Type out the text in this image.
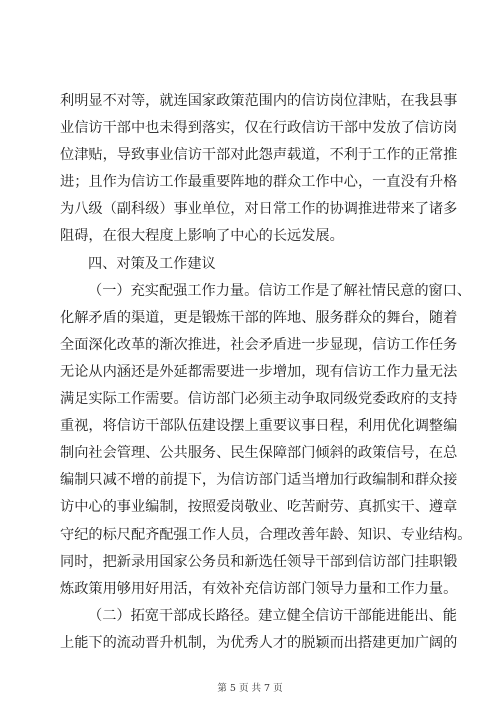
利明显不对等，就连国家政策范围内的信访岗位津贴，在我县事
业信访干部中也未得到落实，仅在行政信访干部中发放了信访岗
位津贴，导致事业信访干部对此怨声载道，不利于工作的正常推
进；且作为信访工作最重要阵地的群众工作中心，一直没有升格
为八级（副科级）事业单位，对日常工作的协调推进带来了诸多
阻碍，在很大程度上影响了中心的长远发展。
四、对策及工作建议
（一）充实配强工作力量。信访工作是了解社情民意的窗口、
化解矛盾的渠道，更是锻炼干部的阵地、服务群众的舞台，随着
全面深化改革的渐次推进，社会矛盾进一步显现，信访工作任务
无论从内涵还是外延都需要进一步增加，现有信访工作力量无法
满足实际工作需要。信访部门必须主动争取同级党委政府的支持
重视，将信访干部队伍建设摆上重要议事日程，利用优化调整编
制向社会管理、公共服务、民生保障部门倾斜的政策信号，在总
编制只减不增的前提下，为信访部门适当增加行政编制和群众接
访中心的事业编制，按照爱岗敬业、吃苦耐劳、真抓实干、遵章
守纪的标尺配齐配强工作人员，合理改善年龄、知识、专业结构。
同时，把新录用国家公务员和新选任领导干部到信访部门挂职锻
炼政策用够用好用活，有效补充信访部门领导力量和工作力量。
（二）拓宽干部成长路径。建立健全信访干部能进能出、能
上能下的流动晋升机制，为优秀人才的脱颖而出搭建更加广阔的
第 5 页 共 7 页
